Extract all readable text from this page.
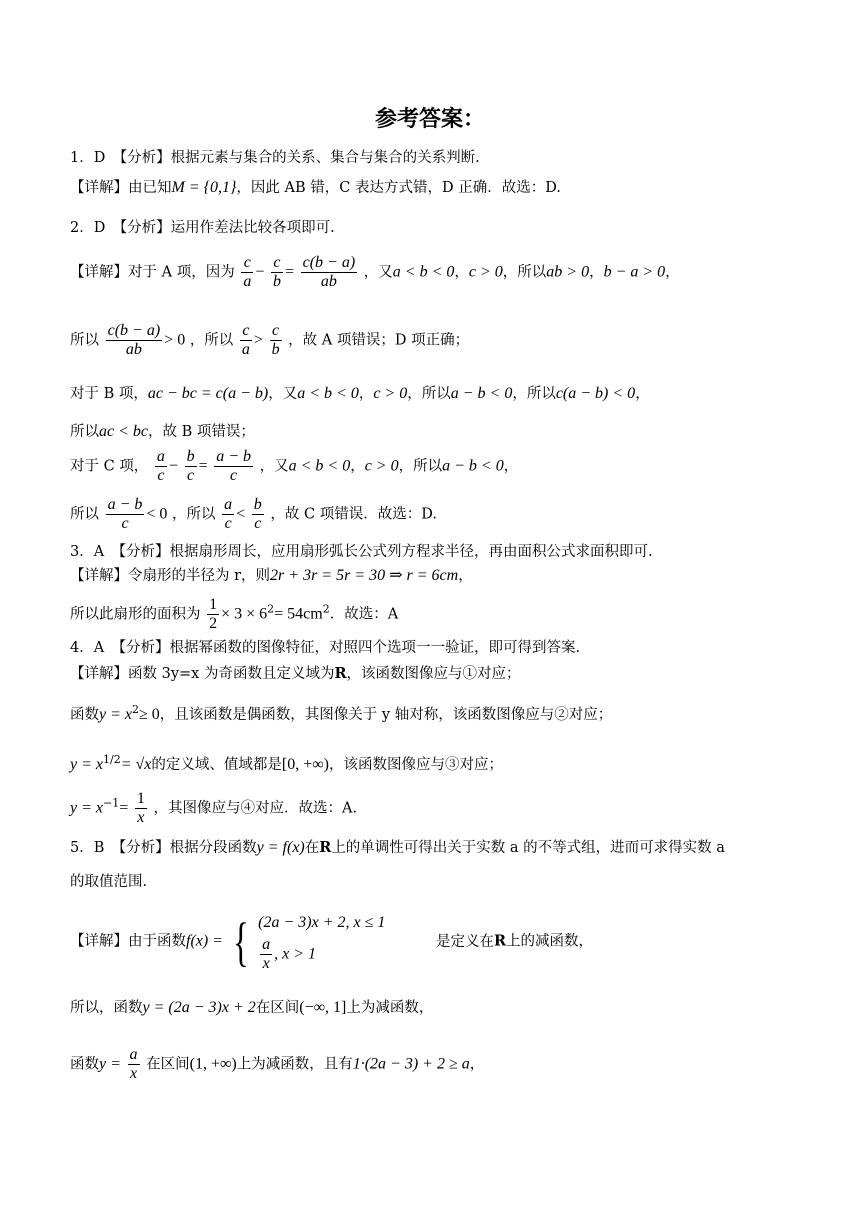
参考答案：
1．D　【分析】根据元素与集合的关系、集合与集合的关系判断.
【详解】由已知M = {0,1}，因此 AB 错，C 表达方式错，D 正确．故选：D.
2．D　【分析】运用作差法比较各项即可.
【详解】对于 A 项，因为 $\frac{c}{a} - \frac{c}{b} = \frac{c(b - a)}{ab}$ ，又a < b < 0，c > 0，所以ab > 0，b − a > 0，
所以 $\frac{c(b - a)}{ab} > 0$ ，所以 $\frac{c}{a} > \frac{c}{b}$ ，故 A 项错误；D 项正确；
对于 B 项，ac − bc = c(a − b)，又a < b < 0，c > 0，所以a − b < 0，所以c(a − b) < 0，
所以ac < bc，故 B 项错误；
对于 C 项， $\frac{a}{c} - \frac{b}{c} = \frac{a - b}{c}$ ，又a < b < 0，c > 0，所以a − b < 0，
所以 $\frac{a - b}{c} < 0$ ，所以 $\frac{a}{c} < \frac{b}{c}$ ，故 C 项错误．故选：D.
3．A　【分析】根据扇形周长，应用扇形弧长公式列方程求半径，再由面积公式求面积即可.
【详解】令扇形的半径为 r，则2r + 3r = 5r = 30 ⇒ r = 6cm，
所以此扇形的面积为 $\frac{1}{2} \times 3 \times 6^2= 54cm^2$．故选：A
4．A　【分析】根据幂函数的图像特征，对照四个选项一一验证，即可得到答案.
【详解】函数 3y=x 为奇函数且定义域为R，该函数图像应与①对应；
函数$y = x^2\ge 0$，且该函数是偶函数，其图像关于 y 轴对称，该函数图像应与②对应；
$y = x^{1/2}= √x$的定义域、值域都是[0, +∞)，该函数图像应与③对应；
$y = x^{-1}= \frac{1}{x}$ ，其图像应与④对应．故选：A.
5．B　【分析】根据分段函数y = f(x)在R上的单调性可得出关于实数 a 的不等式组，进而可求得实数 a
的取值范围.
【详解】由于函数f(x) = { (2a − 3)x + 2, x ≤ 1
$\frac{a}{x}$ , x > 1
是定义在R上的减函数，
所以，函数y = (2a − 3)x + 2在区间(−∞, 1]上为减函数，
函数$y = \frac{a}{x}$ 在区间(1, +∞)上为减函数，且有1·(2a − 3) + 2 ≥ a，
